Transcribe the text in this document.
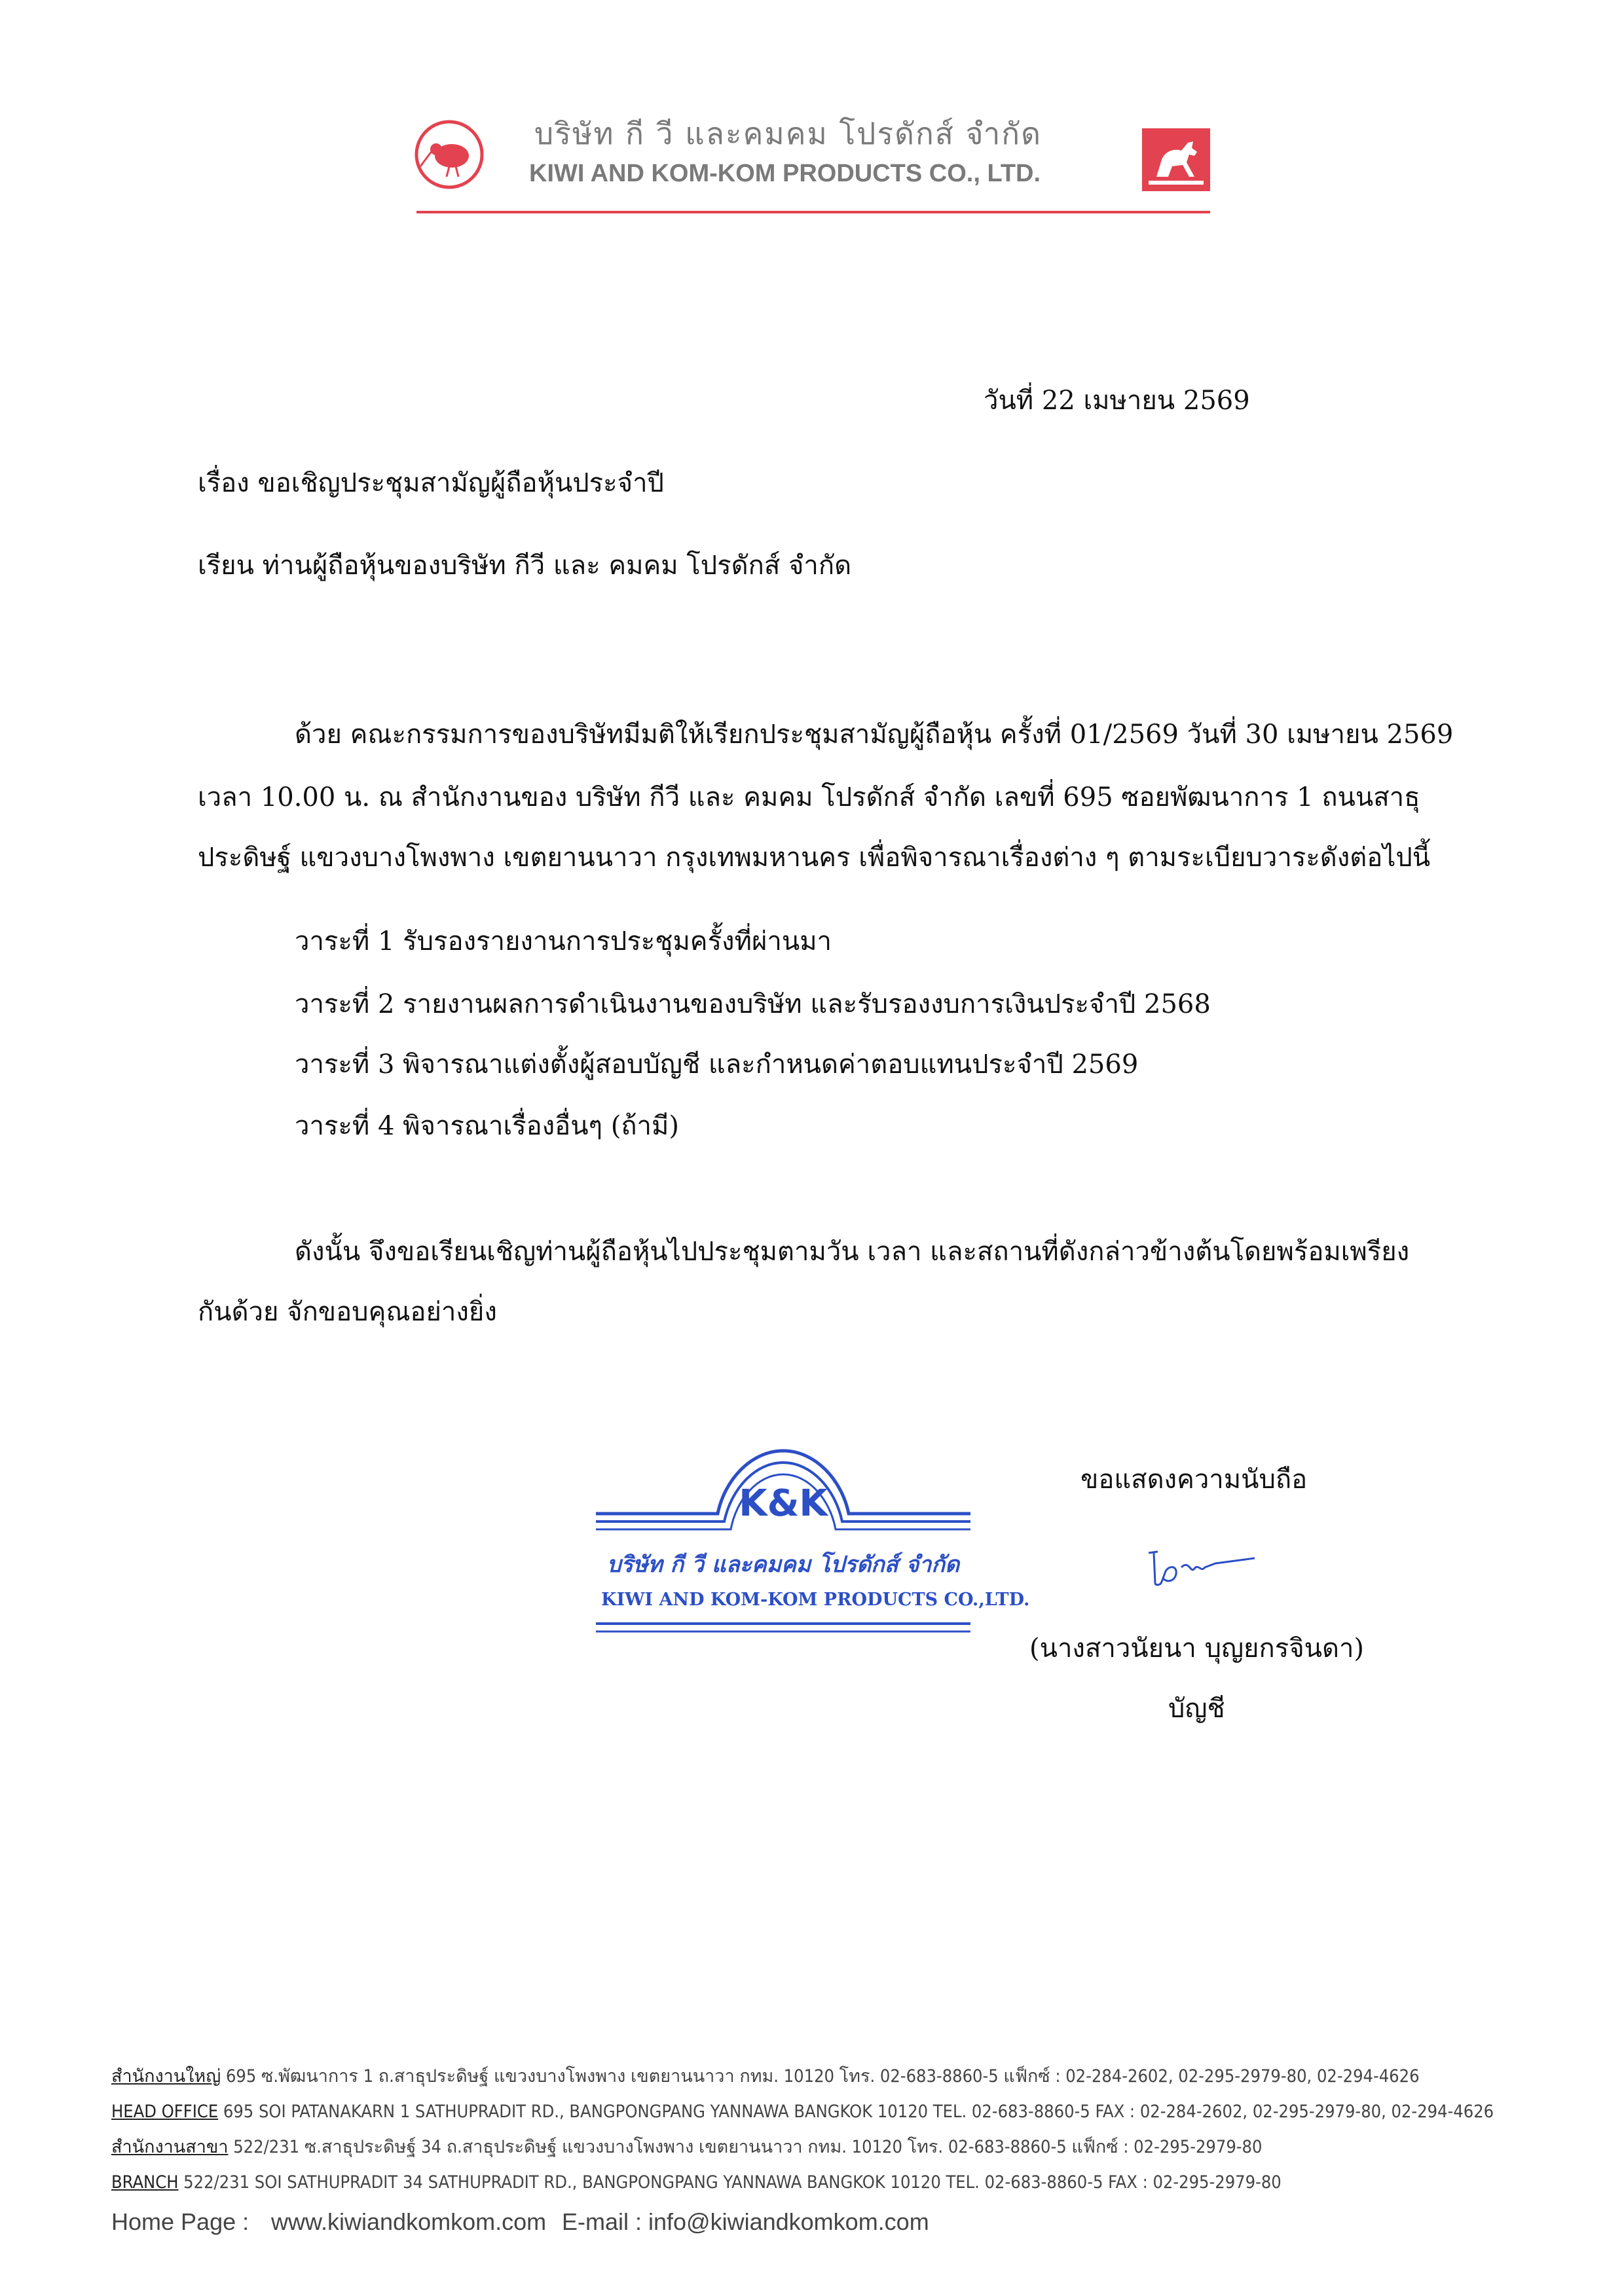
บริษัท กี วี และคมคม โปรดักส์ จำกัด
KIWI AND KOM-KOM PRODUCTS CO., LTD.
วันที่ 22 เมษายน 2569
เรื่อง ขอเชิญประชุมสามัญผู้ถือหุ้นประจำปี
เรียน ท่านผู้ถือหุ้นของบริษัท กีวี และ คมคม โปรดักส์ จำกัด
ด้วย คณะกรรมการของบริษัทมีมติให้เรียกประชุมสามัญผู้ถือหุ้น ครั้งที่ 01/2569 วันที่ 30 เมษายน 2569
เวลา 10.00 น. ณ สำนักงานของ บริษัท กีวี และ คมคม โปรดักส์ จำกัด เลขที่ 695 ซอยพัฒนาการ 1 ถนนสาธุ
ประดิษฐ์ แขวงบางโพงพาง เขตยานนาวา กรุงเทพมหานคร เพื่อพิจารณาเรื่องต่าง ๆ ตามระเบียบวาระดังต่อไปนี้
วาระที่ 1 รับรองรายงานการประชุมครั้งที่ผ่านมา
วาระที่ 2 รายงานผลการดำเนินงานของบริษัท และรับรองงบการเงินประจำปี 2568
วาระที่ 3 พิจารณาแต่งตั้งผู้สอบบัญชี และกำหนดค่าตอบแทนประจำปี 2569
วาระที่ 4 พิจารณาเรื่องอื่นๆ (ถ้ามี)
ดังนั้น จึงขอเรียนเชิญท่านผู้ถือหุ้นไปประชุมตามวัน เวลา และสถานที่ดังกล่าวข้างต้นโดยพร้อมเพรียง
กันด้วย จักขอบคุณอย่างยิ่ง
ขอแสดงความนับถือ
(นางสาวนัยนา บุญยกรจินดา)
บัญชี
K&K
บริษัท กี วี และคมคม โปรดักส์ จำกัด
KIWI AND KOM-KOM PRODUCTS CO.,LTD.
สำนักงานใหญ่ 695 ซ.พัฒนาการ 1 ถ.สาธุประดิษฐ์ แขวงบางโพงพาง เขตยานนาวา กทม. 10120 โทร. 02-683-8860-5 แฟ็กซ์ : 02-284-2602, 02-295-2979-80, 02-294-4626
HEAD OFFICE 695 SOI PATANAKARN 1 SATHUPRADIT RD., BANGPONGPANG YANNAWA BANGKOK 10120 TEL. 02-683-8860-5 FAX : 02-284-2602, 02-295-2979-80, 02-294-4626
สำนักงานสาขา 522/231 ซ.สาธุประดิษฐ์ 34 ถ.สาธุประดิษฐ์ แขวงบางโพงพาง เขตยานนาวา กทม. 10120 โทร. 02-683-8860-5 แฟ็กซ์ : 02-295-2979-80
BRANCH 522/231 SOI SATHUPRADIT 34 SATHUPRADIT RD., BANGPONGPANG YANNAWA BANGKOK 10120 TEL. 02-683-8860-5 FAX : 02-295-2979-80
Home Page : www.kiwiandkomkom.com E-mail : info@kiwiandkomkom.com
